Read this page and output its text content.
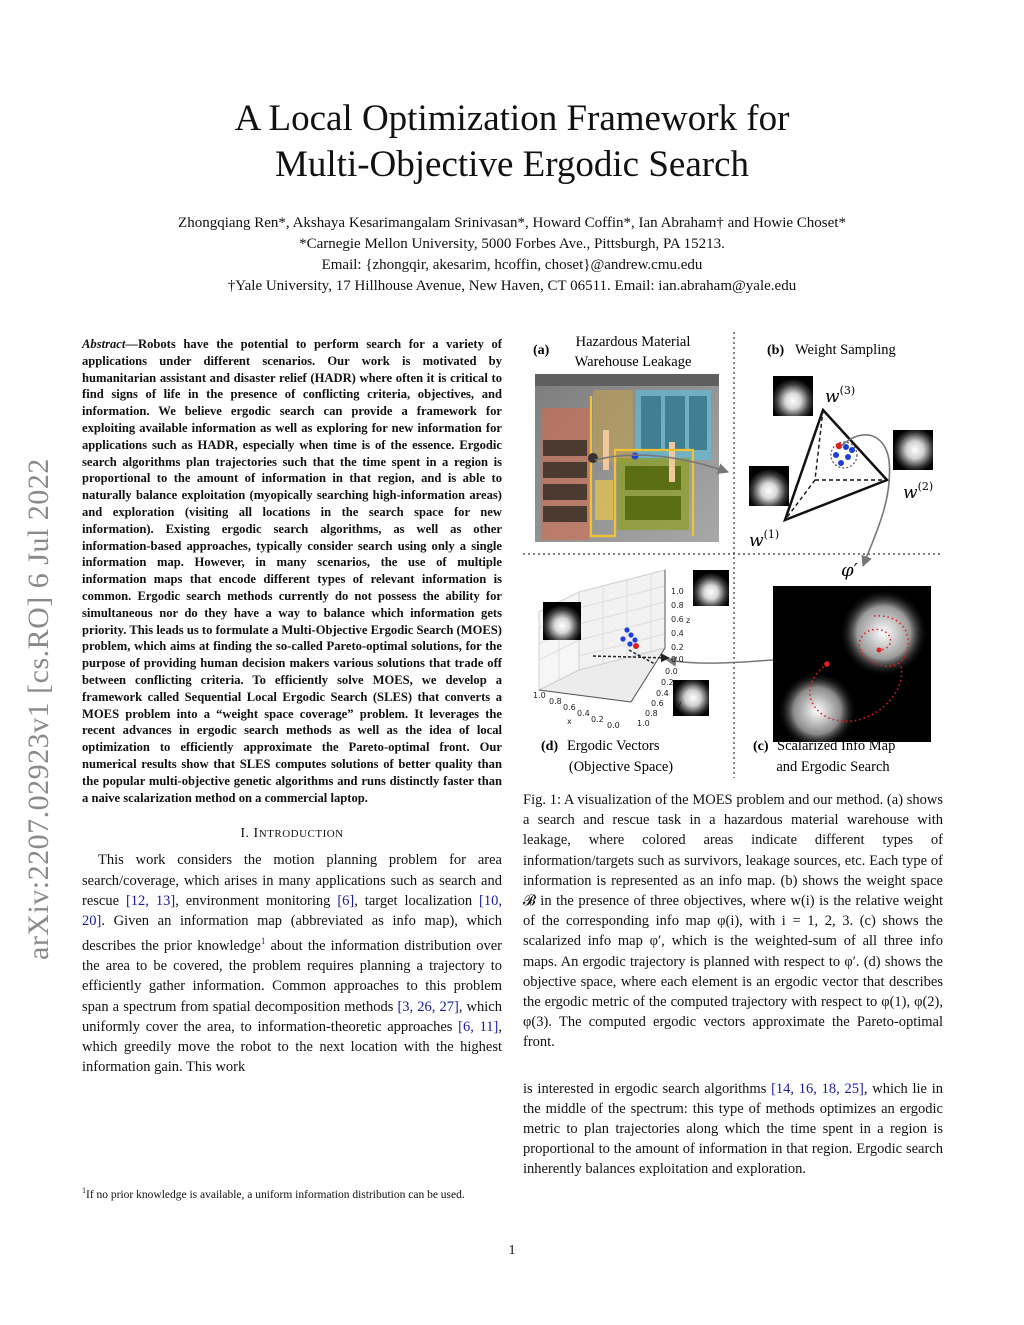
arXiv:2207.02923v1 [cs.RO] 6 Jul 2022
A Local Optimization Framework for
Multi-Objective Ergodic Search
Zhongqiang Ren*, Akshaya Kesarimangalam Srinivasan*, Howard Coffin*, Ian Abraham† and Howie Choset*
*Carnegie Mellon University, 5000 Forbes Ave., Pittsburgh, PA 15213.
Email: {zhongqir, akesarim, hcoffin, choset}@andrew.cmu.edu
†Yale University, 17 Hillhouse Avenue, New Haven, CT 06511. Email: ian.abraham@yale.edu

Abstract—Robots have the potential to perform search for a variety of applications under different scenarios. Our work is motivated by humanitarian assistant and disaster relief (HADR) where often it is critical to find signs of life in the presence of conflicting criteria, objectives, and information. We believe ergodic search can provide a framework for exploiting available information as well as exploring for new information for applications such as HADR, especially when time is of the essence. Ergodic search algorithms plan trajectories such that the time spent in a region is proportional to the amount of information in that region, and is able to naturally balance exploitation (myopically searching high-information areas) and exploration (visiting all locations in the search space for new information). Existing ergodic search algorithms, as well as other information-based approaches, typically consider search using only a single information map. However, in many scenarios, the use of multiple information maps that encode different types of relevant information is common. Ergodic search methods currently do not possess the ability for simultaneous nor do they have a way to balance which information gets priority. This leads us to formulate a Multi-Objective Ergodic Search (MOES) problem, which aims at finding the so-called Pareto-optimal solutions, for the purpose of providing human decision makers various solutions that trade off between conflicting criteria. To efficiently solve MOES, we develop a framework called Sequential Local Ergodic Search (SLES) that converts a MOES problem into a “weight space coverage” problem. It leverages the recent advances in ergodic search methods as well as the idea of local optimization to efficiently approximate the Pareto-optimal front. Our numerical results show that SLES computes solutions of better quality than the popular multi-objective genetic algorithms and runs distinctly faster than a naive scalarization method on a commercial laptop.

I. INTRODUCTION

This work considers the motion planning problem for area search/coverage, which arises in many applications such as search and rescue [12, 13], environment monitoring [6], target localization [10, 20]. Given an information map (abbreviated as info map), which describes the prior knowledge$^1$ about the information distribution over the area to be covered, the problem requires planning a trajectory to efficiently gather information. Common approaches to this problem span a spectrum from spatial decomposition methods [3, 26, 27], which uniformly cover the area, to information-theoretic approaches [6, 11], which greedily move the robot to the next location with the highest information gain. This work

$^1$If no prior knowledge is available, a uniform information distribution can be used.
(a)
Hazardous Material
Warehouse Leakage
(b) Weight Sampling
$w^{(3)}$
$w^{(2)}$
$w^{(1)}$
φ′
1.0
0.8
0.6
0.4
0.2
0.0
z
0.0
0.2
0.4
0.6
0.8
1.0
y
1.0
0.8
0.6
0.4
0.2
0.0
x
(d) Ergodic Vectors
(Objective Space)
(c) Scalarized Info Map
and Ergodic Search
Fig. 1: A visualization of the MOES problem and our method. (a) shows a search and rescue task in a hazardous material warehouse with leakage, where colored areas indicate different types of information/targets such as survivors, leakage sources, etc. Each type of information is represented as an info map. (b) shows the weight space 𝓑 in the presence of three objectives, where w(i) is the relative weight of the corresponding info map φ(i), with i = 1, 2, 3. (c) shows the scalarized info map φ′, which is the weighted-sum of all three info maps. An ergodic trajectory is planned with respect to φ′. (d) shows the objective space, where each element is an ergodic vector that describes the ergodic metric of the computed trajectory with respect to φ(1), φ(2), φ(3). The computed ergodic vectors approximate the Pareto-optimal front.

is interested in ergodic search algorithms [14, 16, 18, 25], which lie in the middle of the spectrum: this type of methods optimizes an ergodic metric to plan trajectories along which the time spent in a region is proportional to the amount of information in that region. Ergodic search inherently balances exploitation and exploration.

1
